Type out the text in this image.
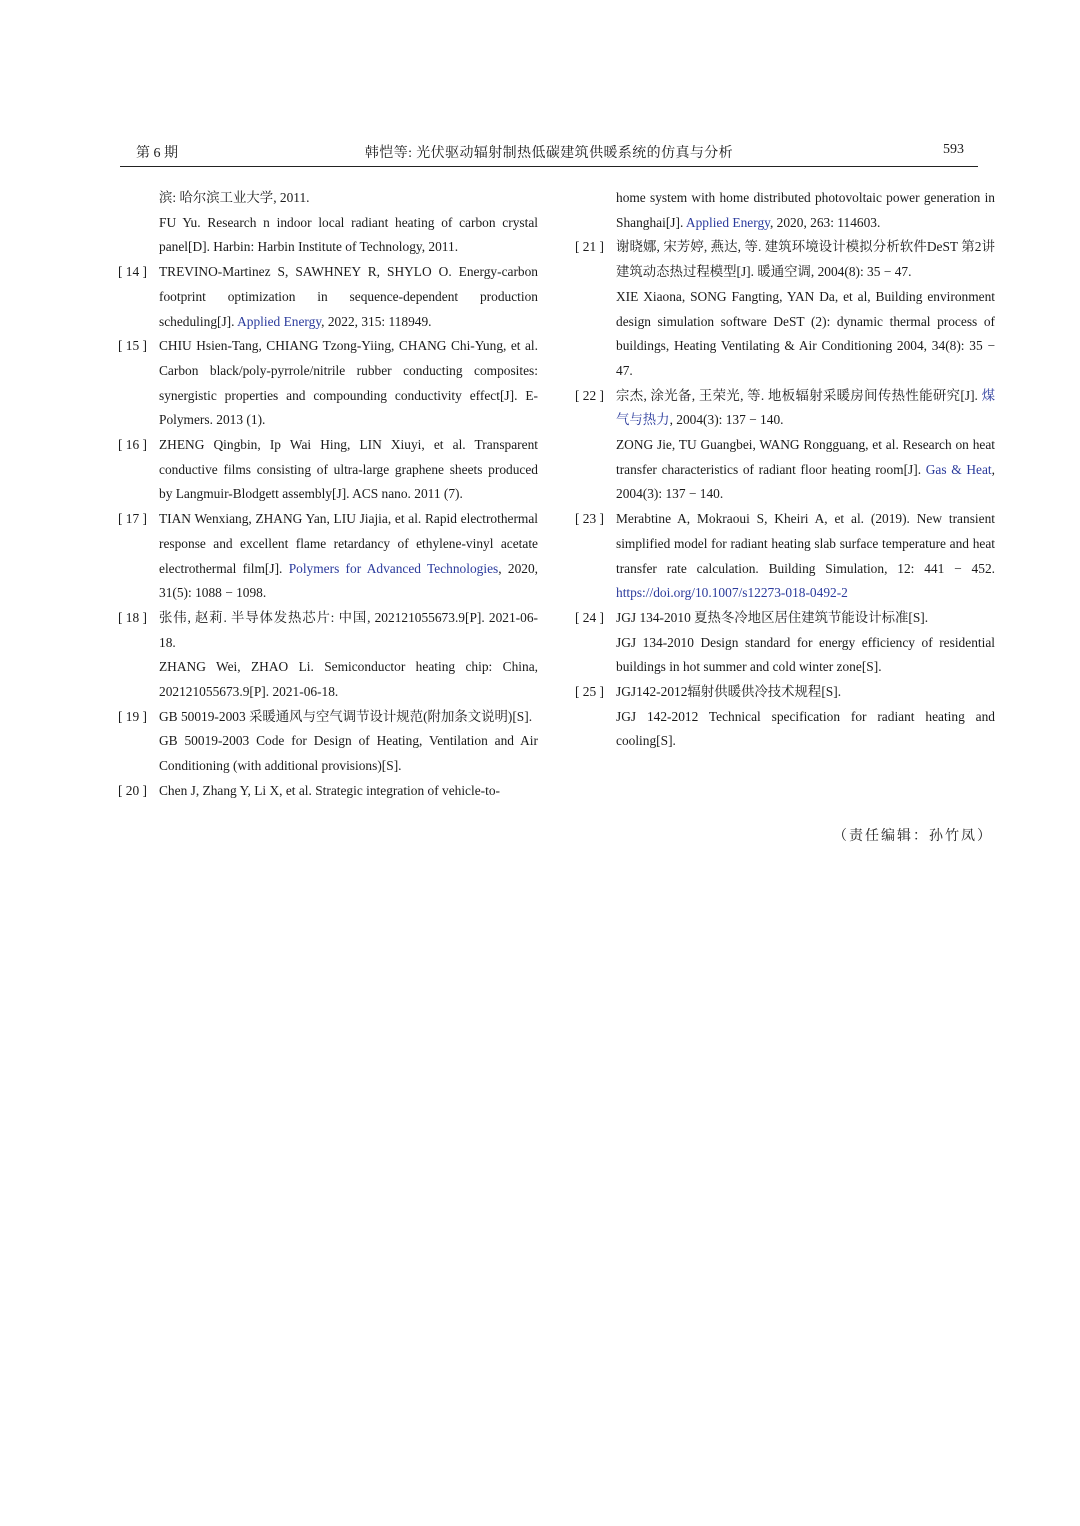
第 6 期	韩恺等: 光伏驱动辐射制热低碳建筑供暖系统的仿真与分析	593

滨: 哈尔滨工业大学, 2011.

FU Yu. Research n indoor local radiant heating of carbon crystal panel[D]. Harbin: Harbin Institute of Technology, 2011.

[ 14 ] TREVINO-Martinez S, SAWHNEY R, SHYLO O. Energy-carbon footprint optimization in sequence-dependent production scheduling[J]. Applied Energy, 2022, 315: 118949.

[ 15 ] CHIU Hsien-Tang, CHIANG Tzong-Yiing, CHANG Chi-Yung, et al. Carbon black/poly-pyrrole/nitrile rubber conducting composites: synergistic properties and compounding conductivity effect[J]. E-Polymers. 2013 (1).

[ 16 ] ZHENG Qingbin, Ip Wai Hing, LIN Xiuyi, et al. Transparent conductive films consisting of ultra-large graphene sheets produced by Langmuir-Blodgett assembly[J]. ACS nano. 2011 (7).

[ 17 ] TIAN Wenxiang, ZHANG Yan, LIU Jiajia, et al. Rapid electrothermal response and excellent flame retardancy of ethylene-vinyl acetate electrothermal film[J]. Polymers for Advanced Technologies, 2020, 31(5): 1088 − 1098.

[ 18 ] 张伟, 赵莉. 半导体发热芯片: 中国, 202121055673.9[P]. 2021-06-18.

ZHANG Wei, ZHAO Li. Semiconductor heating chip: China, 202121055673.9[P]. 2021-06-18.

[ 19 ] GB 50019-2003 采暖通风与空气调节设计规范(附加条文说明)[S].

GB 50019-2003 Code for Design of Heating, Ventilation and Air Conditioning (with additional provisions)[S].

[ 20 ] Chen J, Zhang Y, Li X, et al. Strategic integration of vehicle-to-

home system with home distributed photovoltaic power generation in Shanghai[J]. Applied Energy, 2020, 263: 114603.

[ 21 ] 谢晓娜, 宋芳婷, 燕达, 等. 建筑环境设计模拟分析软件DeST 第2讲 建筑动态热过程模型[J]. 暖通空调, 2004(8): 35 − 47.

XIE Xiaona, SONG Fangting, YAN Da, et al, Building environment design simulation software DeST (2): dynamic thermal process of buildings, Heating Ventilating & Air Conditioning 2004, 34(8): 35 − 47.

[ 22 ] 宗杰, 涂光备, 王荣光, 等. 地板辐射采暖房间传热性能研究[J]. 煤气与热力, 2004(3): 137 − 140.

ZONG Jie, TU Guangbei, WANG Rongguang, et al. Research on heat transfer characteristics of radiant floor heating room[J]. Gas & Heat, 2004(3): 137 − 140.

[ 23 ] Merabtine A, Mokraoui S, Kheiri A, et al. (2019). New transient simplified model for radiant heating slab surface temperature and heat transfer rate calculation. Building Simulation, 12: 441 − 452. https://doi.org/10.1007/s12273-018-0492-2

[ 24 ] JGJ 134-2010 夏热冬冷地区居住建筑节能设计标准[S].

JGJ 134-2010 Design standard for energy efficiency of residential buildings in hot summer and cold winter zone[S].

[ 25 ] JGJ142-2012辐射供暖供冷技术规程[S].

JGJ 142-2012 Technical specification for radiant heating and cooling[S].

（责任编辑：孙竹凤）
